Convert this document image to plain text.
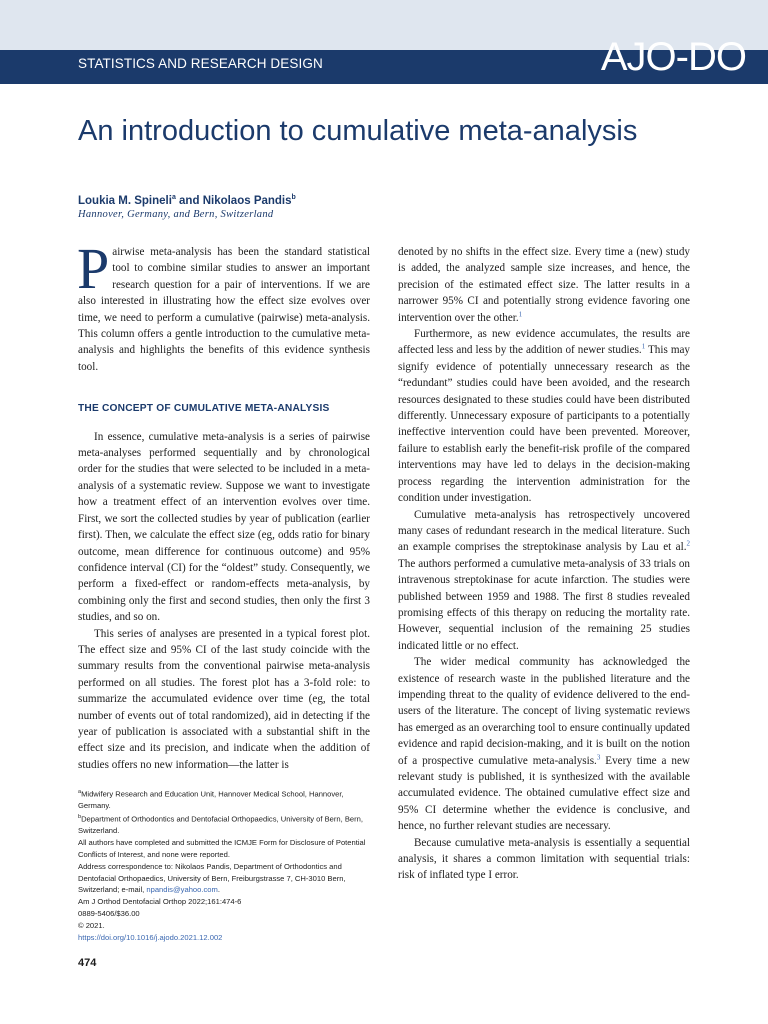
STATISTICS AND RESEARCH DESIGN	AJO-DO
An introduction to cumulative meta-analysis
Loukia M. Spineli$^a$ and Nikolaos Pandis$^b$
Hannover, Germany, and Bern, Switzerland

Pairwise meta-analysis has been the standard statistical tool to combine similar studies to answer an important research question for a pair of interventions. If we are also interested in illustrating how the effect size evolves over time, we need to perform a cumulative (pairwise) meta-analysis. This column offers a gentle introduction to the cumulative meta-analysis and highlights the benefits of this evidence synthesis tool.

THE CONCEPT OF CUMULATIVE META-ANALYSIS

In essence, cumulative meta-analysis is a series of pairwise meta-analyses performed sequentially and by chronological order for the studies that were selected to be included in a meta-analysis of a systematic review. Suppose we want to investigate how a treatment effect of an intervention evolves over time. First, we sort the collected studies by year of publication (earlier first). Then, we calculate the effect size (eg, odds ratio for binary outcome, mean difference for continuous outcome) and 95% confidence interval (CI) for the “oldest” study. Consequently, we perform a fixed-effect or random-effects meta-analysis, by combining only the first and second studies, then only the first 3 studies, and so on.

This series of analyses are presented in a typical forest plot. The effect size and 95% CI of the last study coincide with the summary results from the conventional pairwise meta-analysis performed on all studies. The forest plot has a 3-fold role: to summarize the accumulated evidence over time (eg, the total number of events out of total randomized), aid in detecting if the year of publication is associated with a substantial shift in the effect size and its precision, and indicate when the addition of studies offers no new information—the latter is

denoted by no shifts in the effect size. Every time a (new) study is added, the analyzed sample size increases, and hence, the precision of the estimated effect size. The latter results in a narrower 95% CI and potentially strong evidence favoring one intervention over the other.$^1$

Furthermore, as new evidence accumulates, the results are affected less and less by the addition of newer studies.$^1$ This may signify evidence of potentially unnecessary research as the “redundant” studies could have been avoided, and the research resources designated to these studies could have been distributed differently. Unnecessary exposure of participants to a potentially ineffective intervention could have been prevented. Moreover, failure to establish early the benefit-risk profile of the compared interventions may have led to delays in the decision-making process regarding the intervention administration for the condition under investigation.

Cumulative meta-analysis has retrospectively uncovered many cases of redundant research in the medical literature. Such an example comprises the streptokinase analysis by Lau et al.$^2$ The authors performed a cumulative meta-analysis of 33 trials on intravenous streptokinase for acute infarction. The studies were published between 1959 and 1988. The first 8 studies revealed promising effects of this therapy on reducing the mortality rate. However, sequential inclusion of the remaining 25 studies indicated little or no effect.

The wider medical community has acknowledged the existence of research waste in the published literature and the impending threat to the quality of evidence delivered to the end-users of the literature. The concept of living systematic reviews has emerged as an overarching tool to ensure continually updated evidence and rapid decision-making, and it is built on the notion of a prospective cumulative meta-analysis.$^3$ Every time a new relevant study is published, it is synthesized with the available accumulated evidence. The obtained cumulative effect size and 95% CI determine whether the evidence is conclusive, and hence, no further relevant studies are necessary.

Because cumulative meta-analysis is essentially a sequential analysis, it shares a common limitation with sequential trials: risk of inflated type I error.

$^a$Midwifery Research and Education Unit, Hannover Medical School, Hannover, Germany.
$^b$Department of Orthodontics and Dentofacial Orthopaedics, University of Bern, Bern, Switzerland.
All authors have completed and submitted the ICMJE Form for Disclosure of Potential Conflicts of Interest, and none were reported.
Address correspondence to: Nikolaos Pandis, Department of Orthodontics and Dentofacial Orthopaedics, University of Bern, Freiburgstrasse 7, CH-3010 Bern, Switzerland; e-mail, npandis@yahoo.com.
Am J Orthod Dentofacial Orthop 2022;161:474-6
0889-5406/$36.00
© 2021.
https://doi.org/10.1016/j.ajodo.2021.12.002
474
